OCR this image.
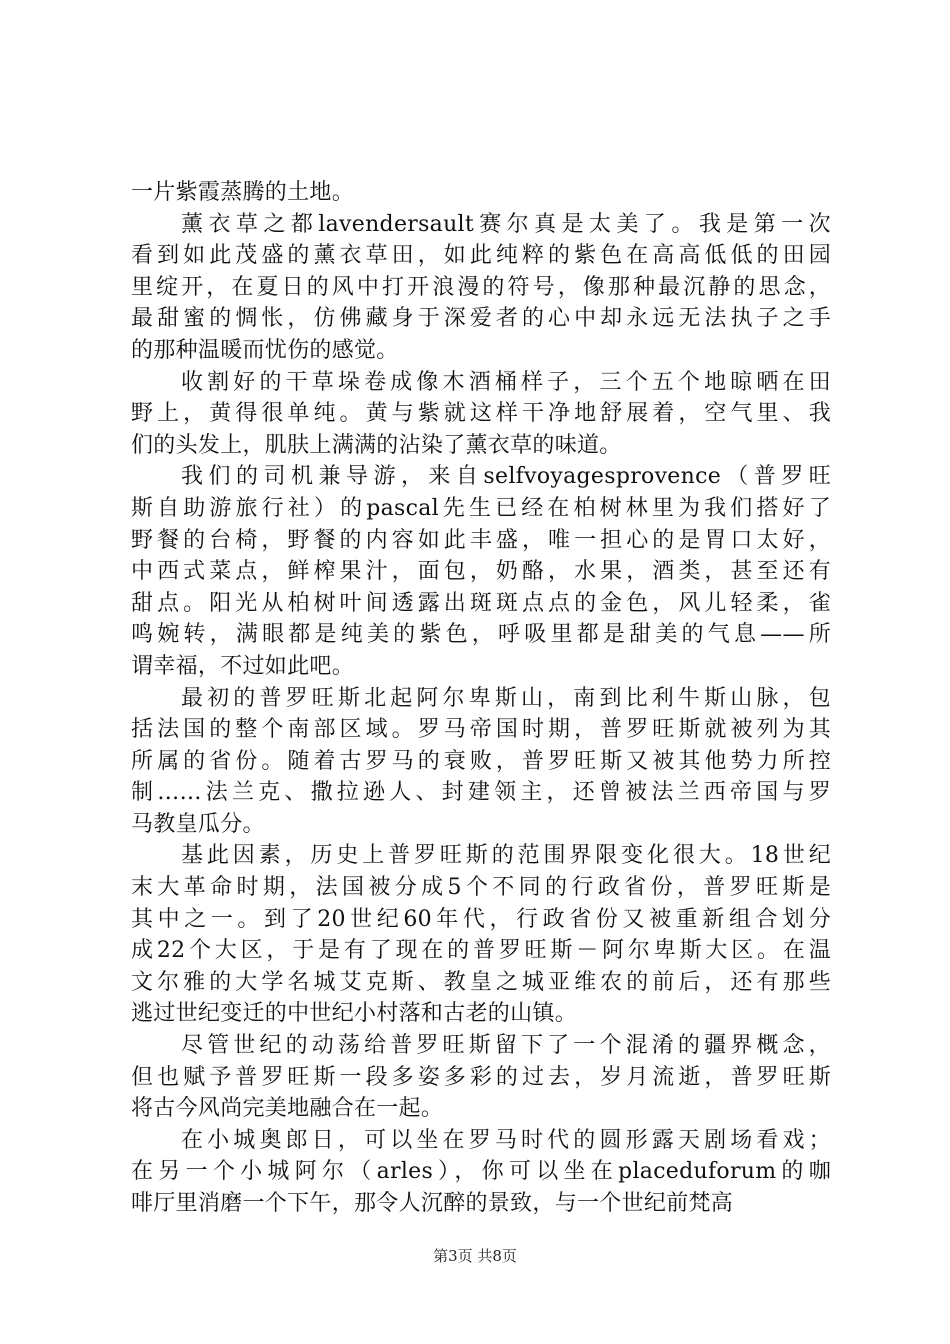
一片紫霞蒸腾的土地。
薰衣草之都lavendersault赛尔真是太美了。我是第一次
看到如此茂盛的薰衣草田，如此纯粹的紫色在高高低低的田园
里绽开，在夏日的风中打开浪漫的符号，像那种最沉静的思念，
最甜蜜的惆怅，仿佛藏身于深爱者的心中却永远无法执子之手
的那种温暖而忧伤的感觉。
收割好的干草垛卷成像木酒桶样子，三个五个地晾晒在田
野上，黄得很单纯。黄与紫就这样干净地舒展着，空气里、我
们的头发上，肌肤上满满的沾染了薰衣草的味道。
我们的司机兼导游，来自selfvoyagesprovence（普罗旺
斯自助游旅行社）的pascal先生已经在柏树林里为我们搭好了
野餐的台椅，野餐的内容如此丰盛，唯一担心的是胃口太好，
中西式菜点，鲜榨果汁，面包，奶酪，水果，酒类，甚至还有
甜点。阳光从柏树叶间透露出斑斑点点的金色，风儿轻柔，雀
鸣婉转，满眼都是纯美的紫色，呼吸里都是甜美的气息——所
谓幸福，不过如此吧。
最初的普罗旺斯北起阿尔卑斯山，南到比利牛斯山脉，包
括法国的整个南部区域。罗马帝国时期，普罗旺斯就被列为其
所属的省份。随着古罗马的衰败，普罗旺斯又被其他势力所控
制……法兰克、撒拉逊人、封建领主，还曾被法兰西帝国与罗
马教皇瓜分。
基此因素，历史上普罗旺斯的范围界限变化很大。18世纪
末大革命时期，法国被分成5个不同的行政省份，普罗旺斯是
其中之一。到了20世纪60年代，行政省份又被重新组合划分
成22个大区，于是有了现在的普罗旺斯－阿尔卑斯大区。在温
文尔雅的大学名城艾克斯、教皇之城亚维农的前后，还有那些
逃过世纪变迁的中世纪小村落和古老的山镇。
尽管世纪的动荡给普罗旺斯留下了一个混淆的疆界概念，
但也赋予普罗旺斯一段多姿多彩的过去，岁月流逝，普罗旺斯
将古今风尚完美地融合在一起。
在小城奥郎日，可以坐在罗马时代的圆形露天剧场看戏；
在另一个小城阿尔（arles），你可以坐在placeduforum的咖
啡厅里消磨一个下午，那令人沉醉的景致，与一个世纪前梵高
第3页 共8页
